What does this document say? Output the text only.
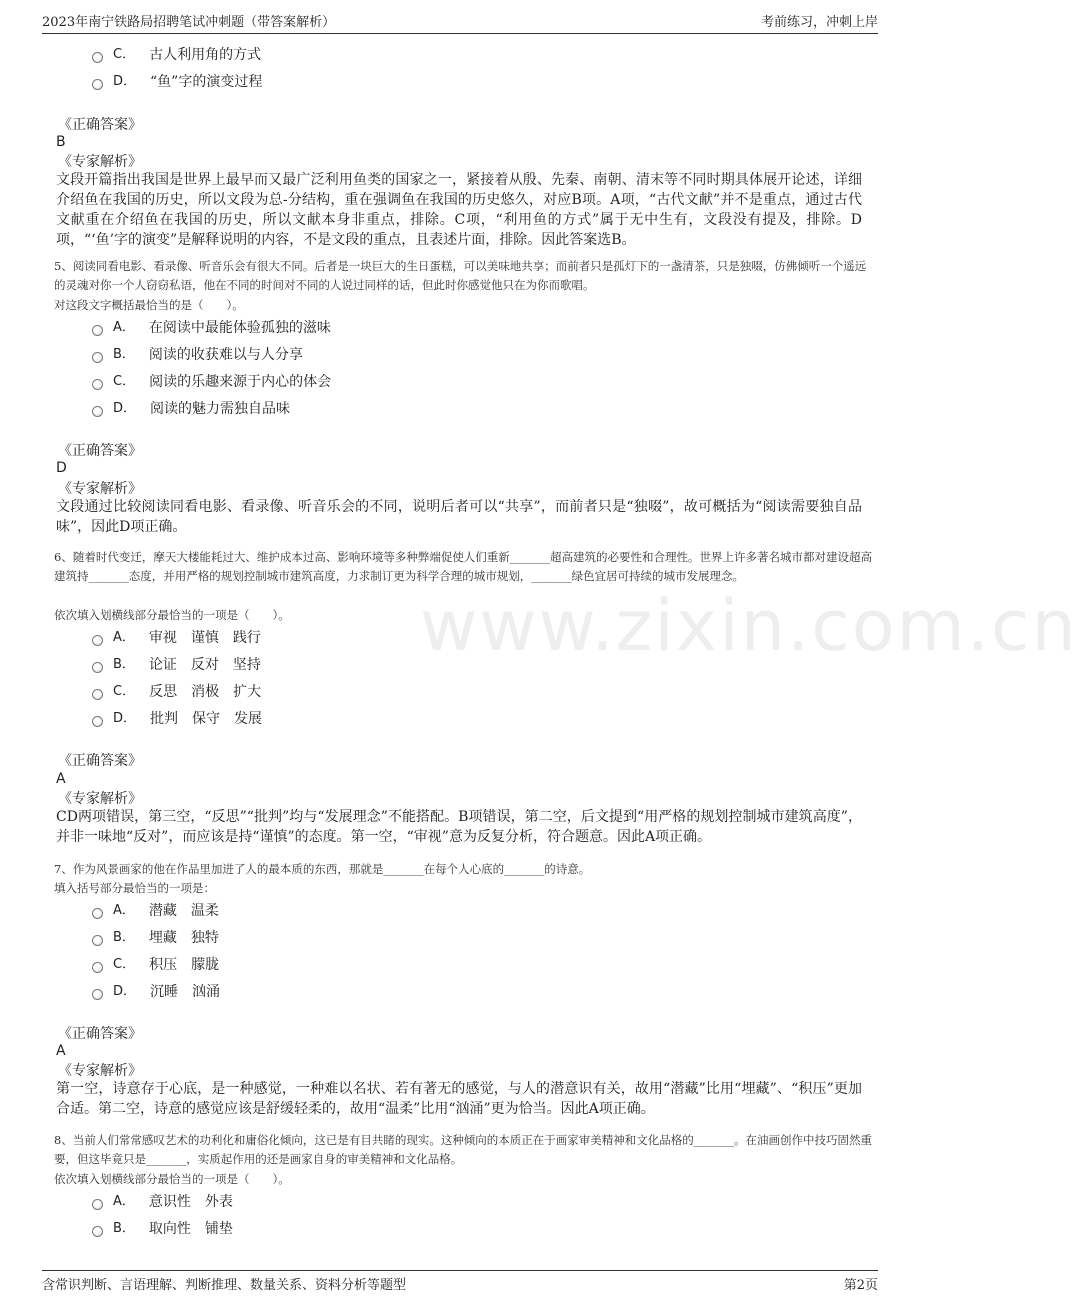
2023年南宁铁路局招聘笔试冲刺题（带答案解析）	考前练习，冲刺上岸
www.zixin.com.cn
C． 古人利用角的方式
D． “鱼”字的演变过程
《正确答案》
B
《专家解析》
文段开篇指出我国是世界上最早而又最广泛利用鱼类的国家之一，紧接着从殷、先秦、南朝、清末等不同时期具体展开论述，详细介绍鱼在我国的历史，所以文段为总-分结构，重在强调鱼在我国的历史悠久，对应B项。A项，“古代文献”并不是重点，通过古代文献重在介绍鱼在我国的历史，所以文献本身非重点，排除。C项，“利用鱼的方式”属于无中生有，文段没有提及，排除。D项，“‘鱼’字的演变”是解释说明的内容，不是文段的重点，且表述片面，排除。因此答案选B。
5、阅读同看电影、看录像、听音乐会有很大不同。后者是一块巨大的生日蛋糕，可以美味地共享；而前者只是孤灯下的一盏清茶，只是独啜，仿佛倾听一个遥远的灵魂对你一个人窃窃私语，他在不同的时间对不同的人说过同样的话，但此时你感觉他只在为你而歌唱。
对这段文字概括最恰当的是（　　）。
A． 在阅读中最能体验孤独的滋味
B． 阅读的收获难以与人分享
C． 阅读的乐趣来源于内心的体会
D． 阅读的魅力需独自品味
《正确答案》
D
《专家解析》
文段通过比较阅读同看电影、看录像、听音乐会的不同，说明后者可以“共享”，而前者只是“独啜”，故可概括为“阅读需要独自品味”，因此D项正确。
6、随着时代变迁，摩天大楼能耗过大、维护成本过高、影响环境等多种弊端促使人们重新_______超高建筑的必要性和合理性。世界上许多著名城市都对建设超高建筑持_______态度，并用严格的规划控制城市建筑高度，力求制订更为科学合理的城市规划，_______绿色宜居可持续的城市发展理念。
依次填入划横线部分最恰当的一项是（　　）。
A． 审视　谨慎　践行
B． 论证　反对　坚持
C． 反思　消极　扩大
D． 批判　保守　发展
《正确答案》
A
《专家解析》
CD两项错误，第三空，“反思”“批判”均与“发展理念”不能搭配。B项错误，第二空，后文提到“用严格的规划控制城市建筑高度”，并非一味地“反对”，而应该是持“谨慎”的态度。第一空，“审视”意为反复分析，符合题意。因此A项正确。
7、作为风景画家的他在作品里加进了人的最本质的东西，那就是_______在每个人心底的_______的诗意。
填入括号部分最恰当的一项是：
A． 潜藏　温柔
B． 埋藏　独特
C． 积压　朦胧
D． 沉睡　汹涌
《正确答案》
A
《专家解析》
第一空，诗意存于心底，是一种感觉，一种难以名状、若有著无的感觉，与人的潜意识有关，故用“潜藏”比用“埋藏”、“积压”更加合适。第二空，诗意的感觉应该是舒缓轻柔的，故用“温柔”比用“汹涌”更为恰当。因此A项正确。
8、当前人们常常感叹艺术的功利化和庸俗化倾向，这已是有目共睹的现实。这种倾向的本质正在于画家审美精神和文化品格的_______。在油画创作中技巧固然重要，但这毕竟只是_______，实质起作用的还是画家自身的审美精神和文化品格。
依次填入划横线部分最恰当的一项是（　　）。
A． 意识性　外表
B． 取向性　铺垫
含常识判断、言语理解、判断推理、数量关系、资料分析等题型	第2页
